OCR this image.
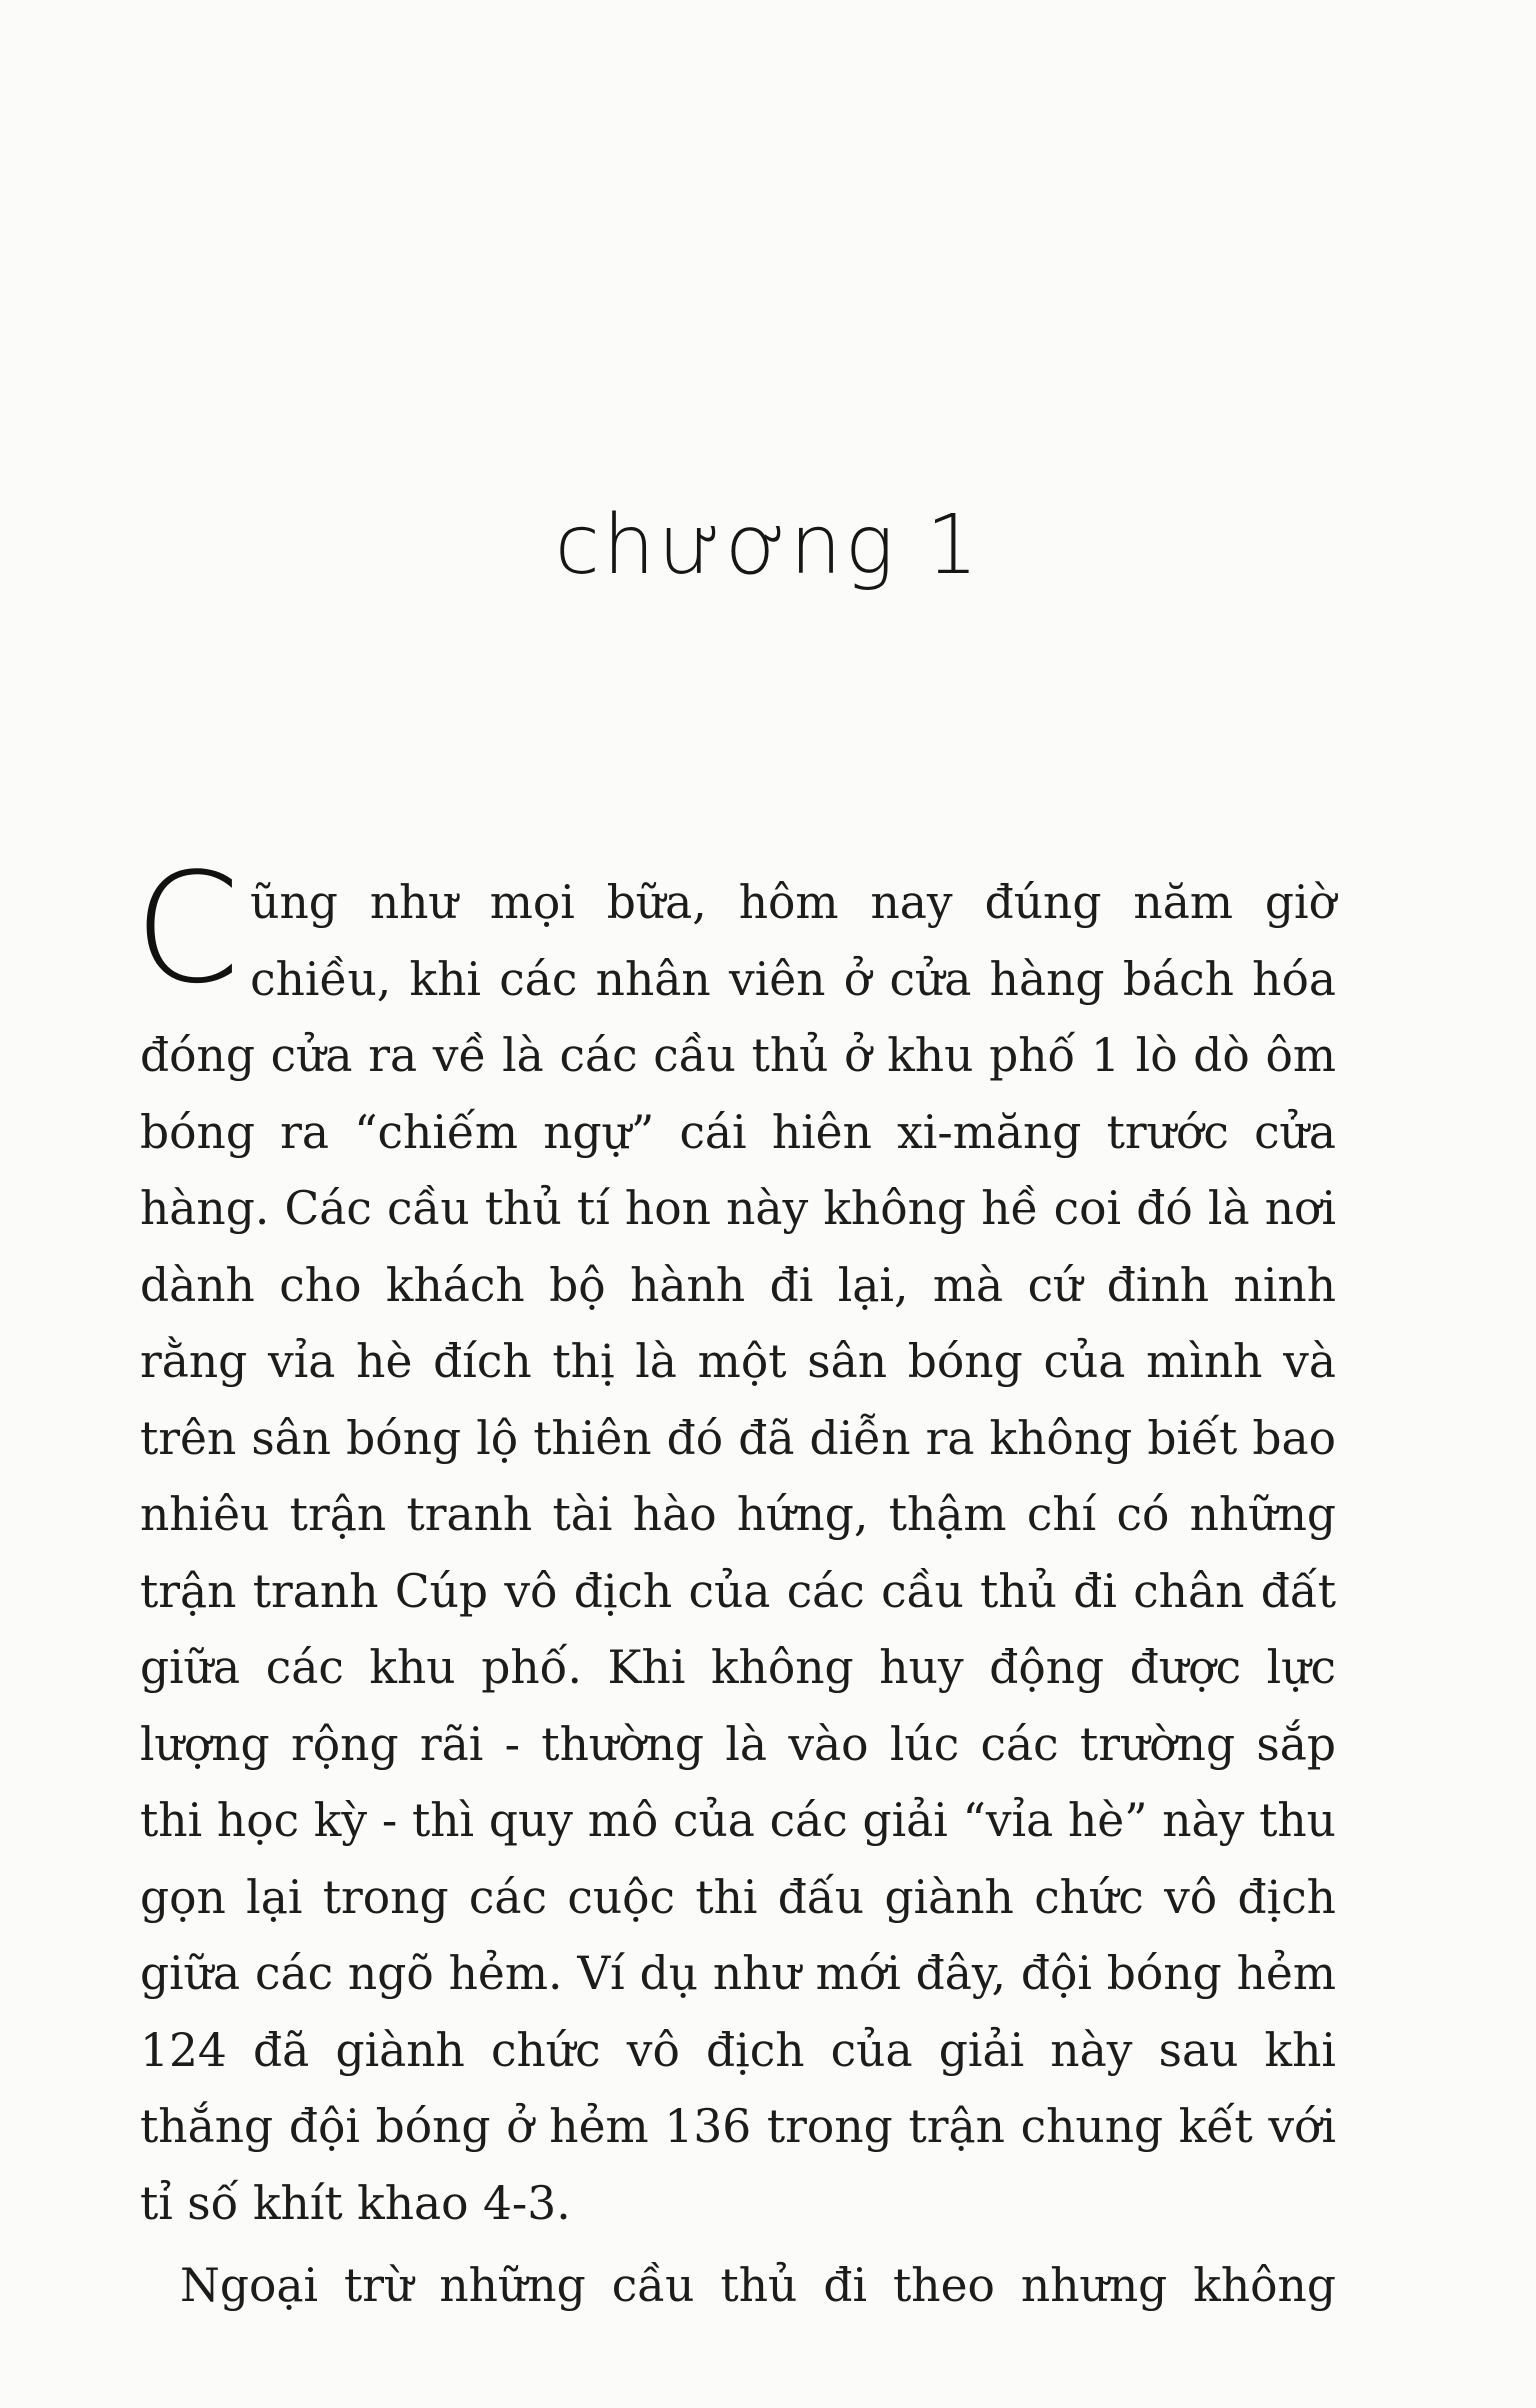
chương 1

Cũng như mọi bữa, hôm nay đúng năm giờ chiều, khi các nhân viên ở cửa hàng bách hóa đóng cửa ra về là các cầu thủ ở khu phố 1 lò dò ôm bóng ra “chiếm ngự” cái hiên xi-măng trước cửa hàng. Các cầu thủ tí hon này không hề coi đó là nơi dành cho khách bộ hành đi lại, mà cứ đinh ninh rằng vỉa hè đích thị là một sân bóng của mình và trên sân bóng lộ thiên đó đã diễn ra không biết bao nhiêu trận tranh tài hào hứng, thậm chí có những trận tranh Cúp vô địch của các cầu thủ đi chân đất giữa các khu phố. Khi không huy động được lực lượng rộng rãi - thường là vào lúc các trường sắp thi học kỳ - thì quy mô của các giải “vỉa hè” này thu gọn lại trong các cuộc thi đấu giành chức vô địch giữa các ngõ hẻm. Ví dụ như mới đây, đội bóng hẻm 124 đã giành chức vô địch của giải này sau khi thắng đội bóng ở hẻm 136 trong trận chung kết với tỉ số khít khao 4-3.

Ngoại trừ những cầu thủ đi theo nhưng không
